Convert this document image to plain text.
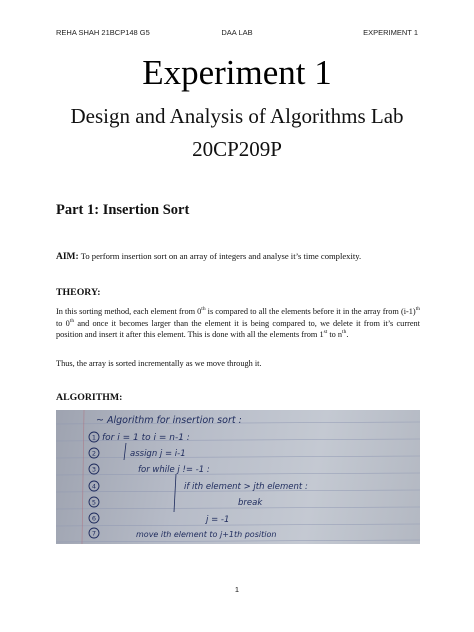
REHA SHAH 21BCP148 G5	DAA LAB	EXPERIMENT 1
Experiment 1
Design and Analysis of Algorithms Lab
20CP209P
Part 1: Insertion Sort
AIM: To perform insertion sort on an array of integers and analyse it’s time complexity.
THEORY:
In this sorting method, each element from 0th is compared to all the elements before it in the array from $(i-1)^{th}$ to 0th and once it becomes larger than the element it is being compared to, we delete it from it’s current position and insert it after this element. This is done with all the elements from 1st to $n^{th}$.
Thus, the array is sorted incrementally as we move through it.
ALGORITHM:
~ Algorithm for insertion sort :
for i = 1 to i = n-1 :
assign j = i-1
for while j != -1 :
if ith element > jth element :
break
j = -1
move ith element to j+1th position
1
2
3
4
5
6
7
1
